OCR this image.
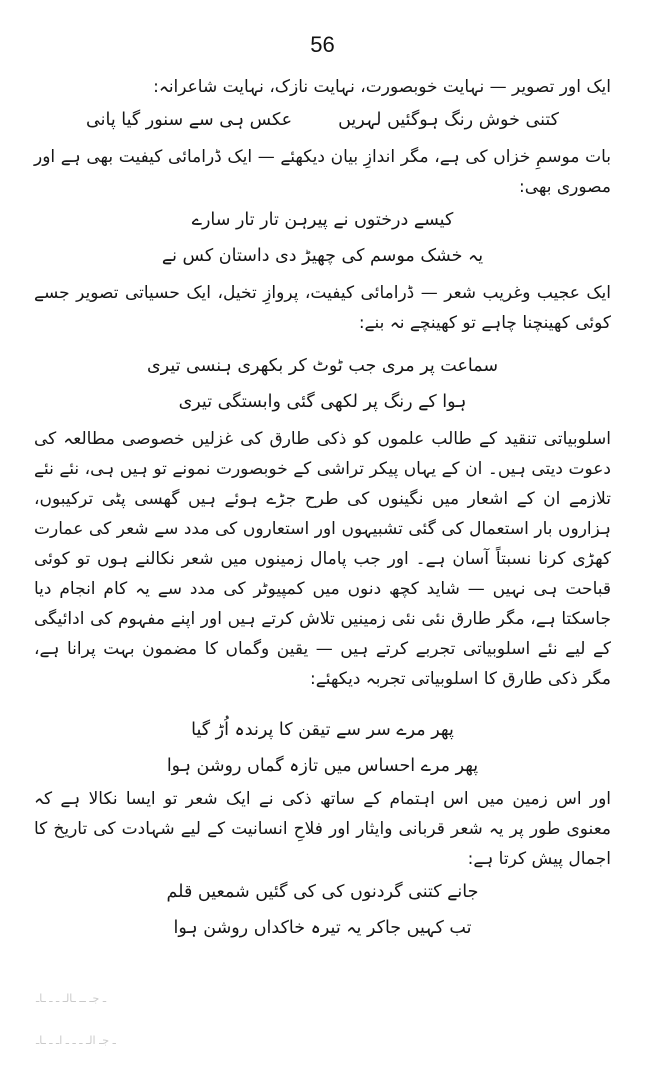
56

ایک اور تصویر — نہایت خوبصورت، نہایت نازک، نہایت شاعرانہ:

کتنی خوش رنگ ہوگئیں لہریں
عکس ہی سے سنور گیا پانی

بات موسمِ خزاں کی ہے، مگر اندازِ بیان دیکھئے — ایک ڈرامائی کیفیت بھی ہے اور مصوری بھی:

کیسے درختوں نے پیرہن تار تار سارے

یہ خشک موسم کی چھیڑ دی داستان کس نے

ایک عجیب وغریب شعر — ڈرامائی کیفیت، پروازِ تخیل، ایک حسیاتی تصویر جسے کوئی کھینچنا چاہے تو کھینچے نہ بنے:

سماعت پر مری جب ٹوٹ کر بکھری ہنسی تیری

ہوا کے رنگ پر لکھی گئی وابستگی تیری

اسلوبیاتی تنقید کے طالب علموں کو ذکی طارق کی غزلیں خصوصی مطالعہ کی دعوت دیتی ہیں۔ ان کے یہاں پیکر تراشی کے خوبصورت نمونے تو ہیں ہی، نئے نئے تلازمے ان کے اشعار میں نگینوں کی طرح جڑے ہوئے ہیں گھسی پٹی ترکیبوں، ہزاروں بار استعمال کی گئی تشبیہوں اور استعاروں کی مدد سے شعر کی عمارت کھڑی کرنا نسبتاً آسان ہے۔ اور جب پامال زمینوں میں شعر نکالنے ہوں تو کوئی قباحت ہی نہیں — شاید کچھ دنوں میں کمپیوٹر کی مدد سے یہ کام انجام دیا جاسکتا ہے، مگر طارق نئی نئی زمینیں تلاش کرتے ہیں اور اپنے مفہوم کی ادائیگی کے لیے نئے اسلوبیاتی تجربے کرتے ہیں — یقین وگماں کا مضمون بہت پرانا ہے، مگر ذکی طارق کا اسلوبیاتی تجربہ دیکھئے:

پھر مرے سر سے تیقن کا پرندہ اُڑ گیا

پھر مرے احساس میں تازہ گماں روشن ہوا

اور اس زمین میں اس اہتمام کے ساتھ ذکی نے ایک شعر تو ایسا نکالا ہے کہ معنوی طور پر یہ شعر قربانی وایثار اور فلاحِ انسانیت کے لیے شہادت کی تاریخ کا اجمال پیش کرتا ہے:

جانے کتنی گردنوں کی کی گئیں شمعیں قلم

تب کہیں جاکر یہ تیرہ خاکداں روشن ہوا

ـ جـ ــ ـالـ ـ ـ ـاـ
ـ جـ الـ ـ ـ ـ اـ ـ ـاـ
